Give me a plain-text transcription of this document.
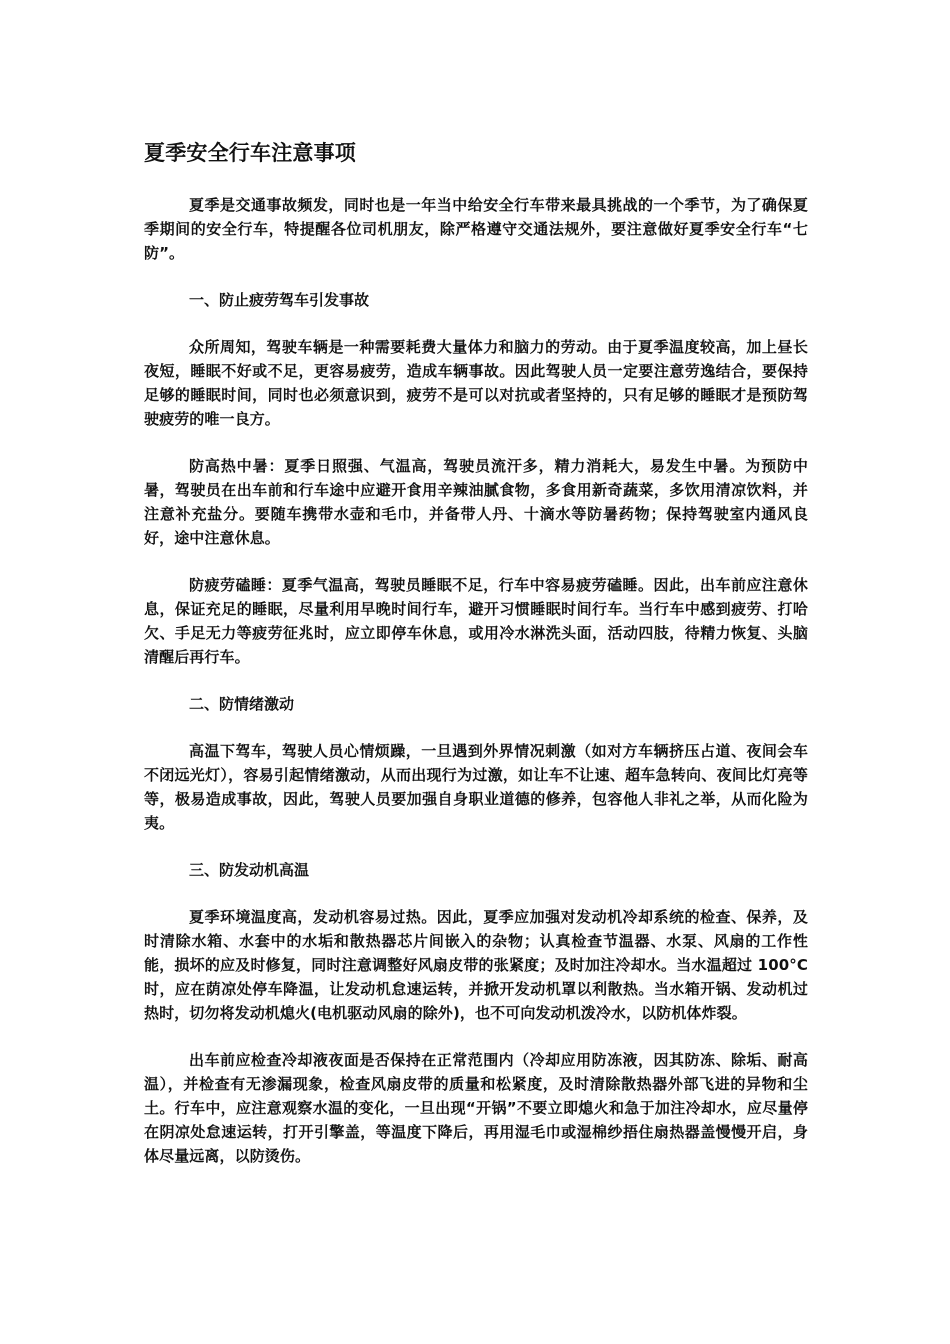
夏季安全行车注意事项

夏季是交通事故频发，同时也是一年当中给安全行车带来最具挑战的一个季节，为了确保夏季期间的安全行车，特提醒各位司机朋友，除严格遵守交通法规外，要注意做好夏季安全行车“七防”。

一、防止疲劳驾车引发事故

众所周知，驾驶车辆是一种需要耗费大量体力和脑力的劳动。由于夏季温度较高，加上昼长夜短，睡眠不好或不足，更容易疲劳，造成车辆事故。因此驾驶人员一定要注意劳逸结合，要保持足够的睡眠时间，同时也必须意识到，疲劳不是可以对抗或者坚持的，只有足够的睡眠才是预防驾驶疲劳的唯一良方。

防高热中暑：夏季日照强、气温高，驾驶员流汗多，精力消耗大，易发生中暑。为预防中暑，驾驶员在出车前和行车途中应避开食用辛辣油腻食物，多食用新奇蔬菜，多饮用清凉饮料，并注意补充盐分。要随车携带水壶和毛巾，并备带人丹、十滴水等防暑药物；保持驾驶室内通风良好，途中注意休息。

防疲劳磕睡：夏季气温高，驾驶员睡眠不足，行车中容易疲劳磕睡。因此，出车前应注意休息，保证充足的睡眠，尽量利用早晚时间行车，避开习惯睡眠时间行车。当行车中感到疲劳、打哈欠、手足无力等疲劳征兆时，应立即停车休息，或用冷水淋洗头面，活动四肢，待精力恢复、头脑清醒后再行车。

二、防情绪激动

高温下驾车，驾驶人员心情烦躁，一旦遇到外界情况刺激（如对方车辆挤压占道、夜间会车不闭远光灯），容易引起情绪激动，从而出现行为过激，如让车不让速、超车急转向、夜间比灯亮等等，极易造成事故，因此，驾驶人员要加强自身职业道德的修养，包容他人非礼之举，从而化险为夷。

三、防发动机高温

夏季环境温度高，发动机容易过热。因此，夏季应加强对发动机冷却系统的检查、保养，及时清除水箱、水套中的水垢和散热器芯片间嵌入的杂物；认真检查节温器、水泵、风扇的工作性能，损坏的应及时修复，同时注意调整好风扇皮带的张紧度；及时加注冷却水。当水温超过 100°C时，应在荫凉处停车降温，让发动机怠速运转，并掀开发动机罩以利散热。当水箱开锅、发动机过热时，切勿将发动机熄火(电机驱动风扇的除外)，也不可向发动机泼冷水，以防机体炸裂。

出车前应检查冷却液夜面是否保持在正常范围内（冷却应用防冻液，因其防冻、除垢、耐高温），并检查有无渗漏现象，检查风扇皮带的质量和松紧度，及时清除散热器外部飞进的异物和尘土。行车中，应注意观察水温的变化，一旦出现“开锅”不要立即熄火和急于加注冷却水，应尽量停在阴凉处怠速运转，打开引擎盖，等温度下降后，再用湿毛巾或湿棉纱捂住扇热器盖慢慢开启，身体尽量远离，以防烫伤。
